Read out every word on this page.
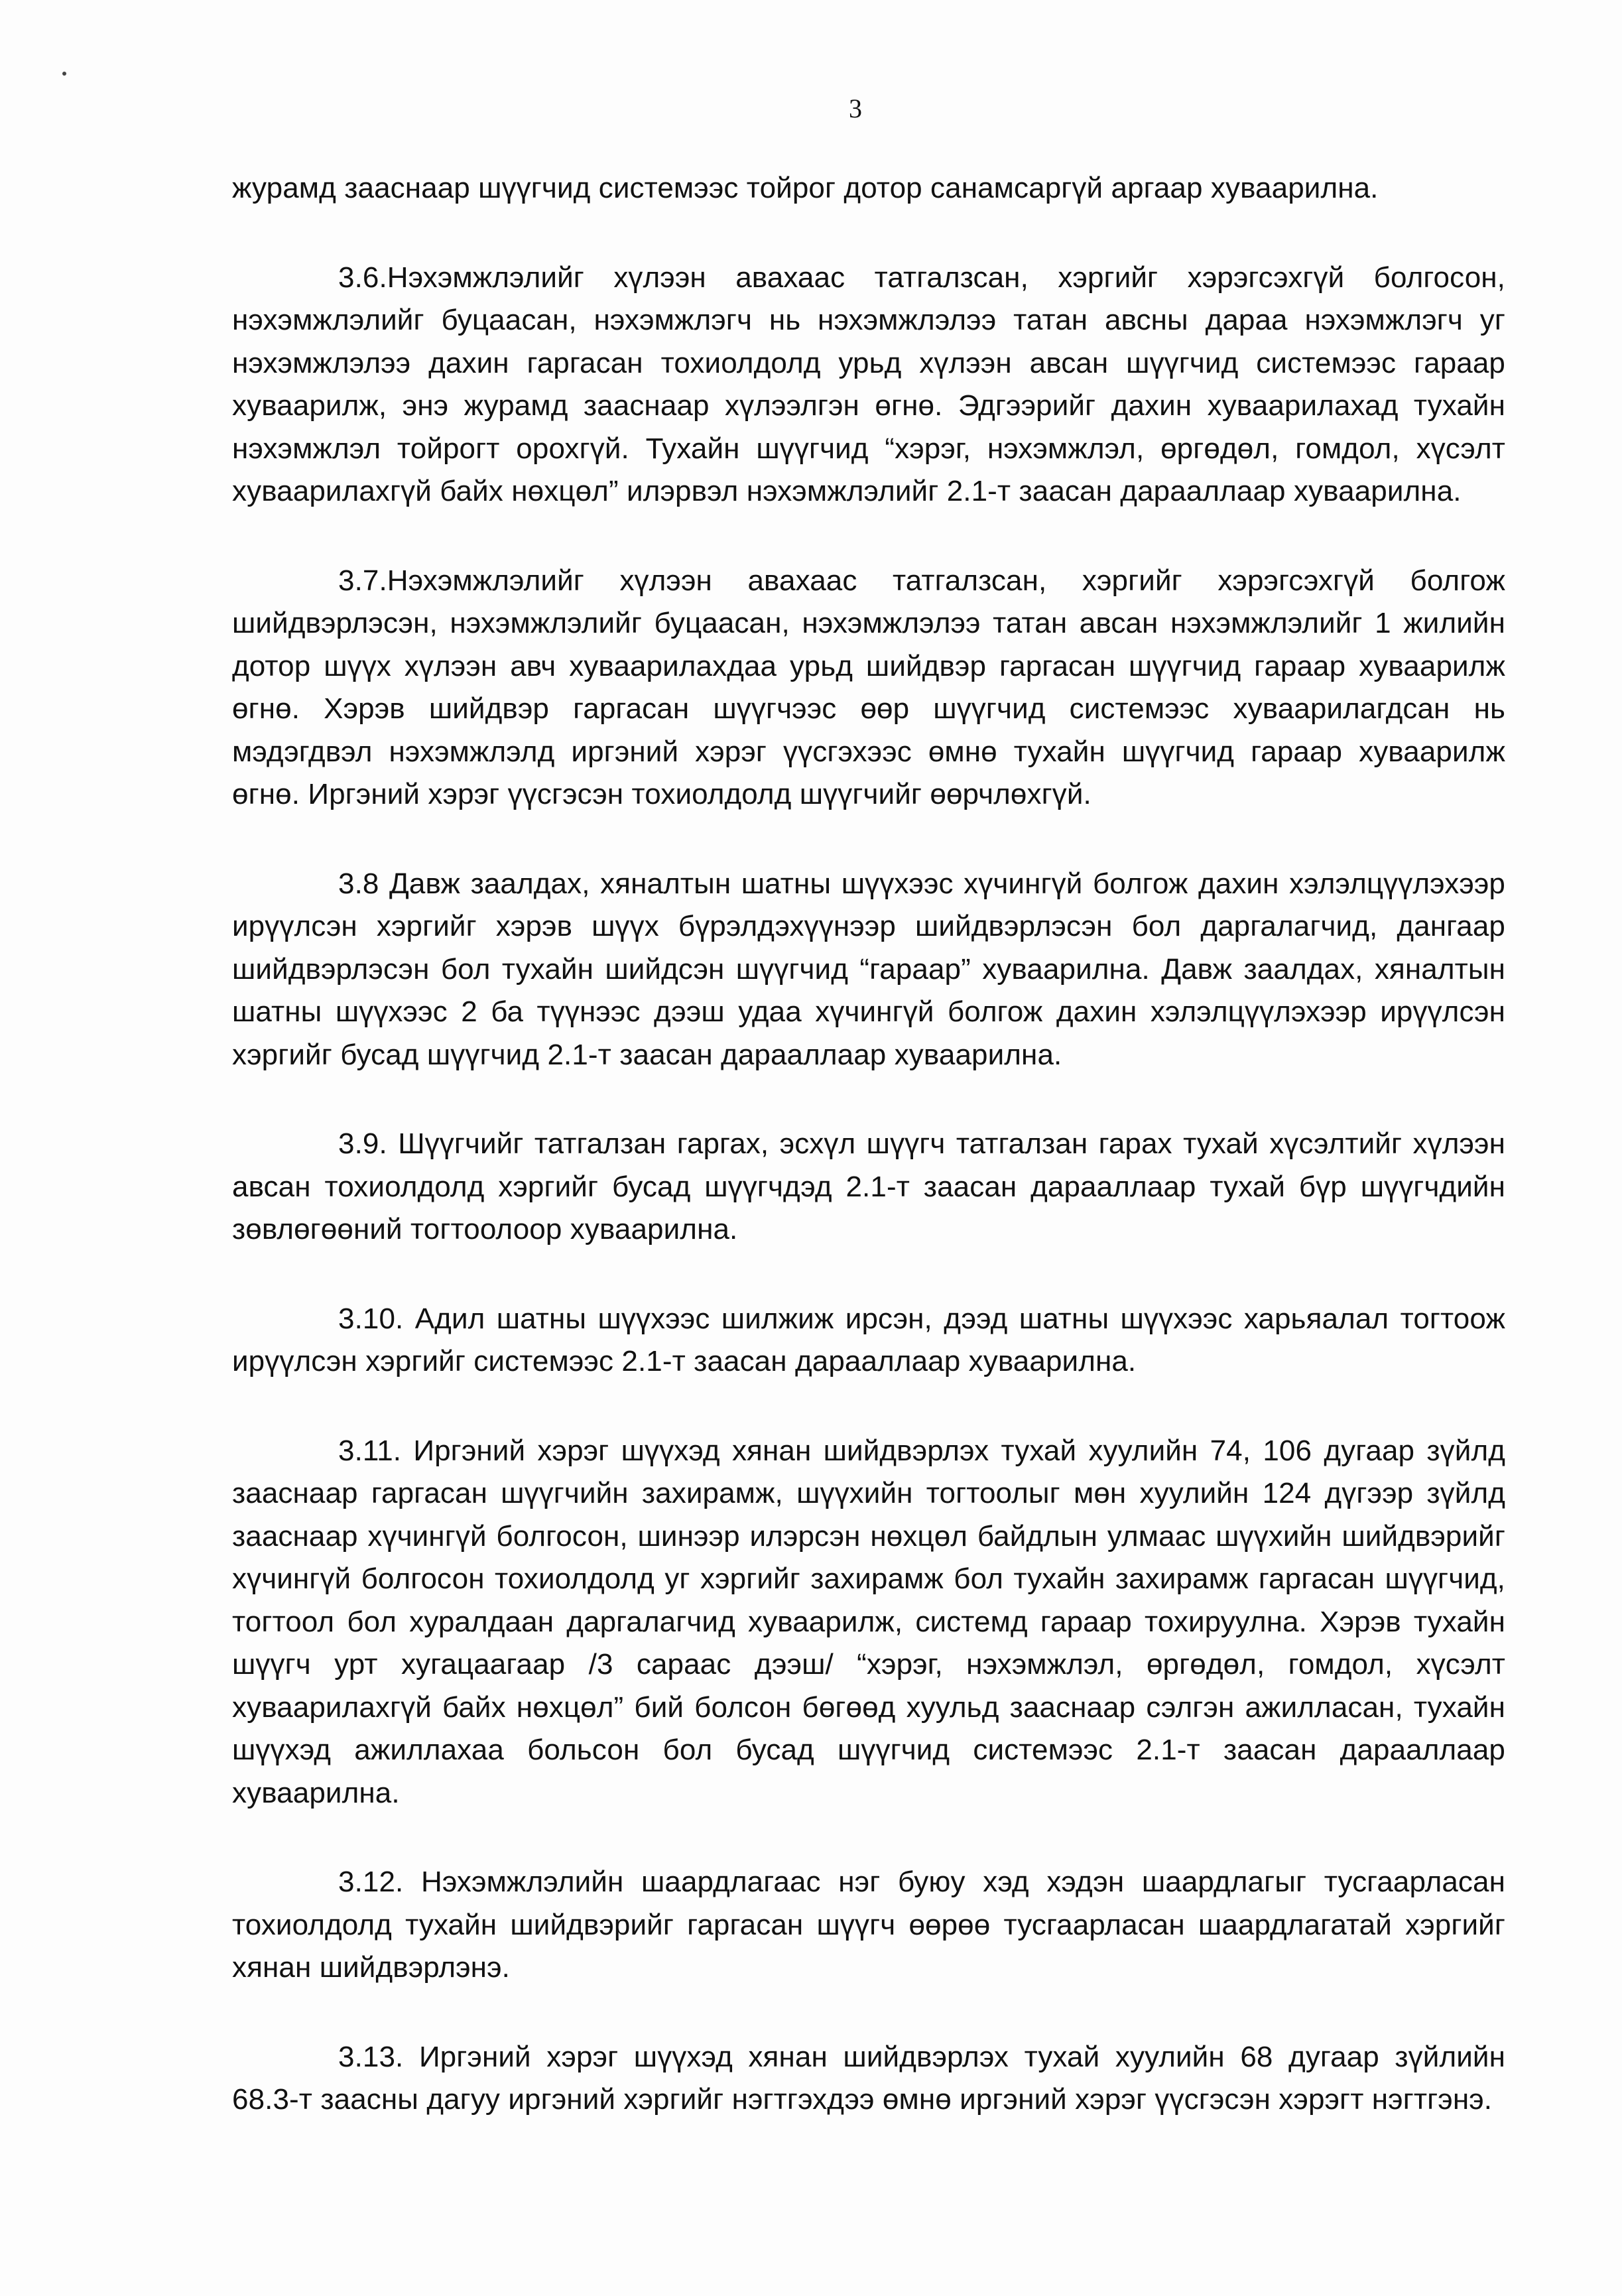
3

журамд зааснаар шүүгчид системээс тойрог дотор санамсаргүй аргаар хуваарилна.

3.6.Нэхэмжлэлийг хүлээн авахаас татгалзсан, хэргийг хэрэгсэхгүй болгосон, нэхэмжлэлийг буцаасан, нэхэмжлэгч нь нэхэмжлэлээ татан авсны дараа нэхэмжлэгч уг нэхэмжлэлээ дахин гаргасан тохиолдолд урьд хүлээн авсан шүүгчид системээс гараар хуваарилж, энэ журамд зааснаар хүлээлгэн өгнө. Эдгээрийг дахин хуваарилахад тухайн нэхэмжлэл тойрогт орохгүй. Тухайн шүүгчид “хэрэг, нэхэмжлэл, өргөдөл, гомдол, хүсэлт хуваарилахгүй байх нөхцөл” илэрвэл нэхэмжлэлийг 2.1-т заасан дарааллаар хуваарилна.

3.7.Нэхэмжлэлийг хүлээн авахаас татгалзсан, хэргийг хэрэгсэхгүй болгож шийдвэрлэсэн, нэхэмжлэлийг буцаасан, нэхэмжлэлээ татан авсан нэхэмжлэлийг 1 жилийн дотор шүүх хүлээн авч хуваарилахдаа урьд шийдвэр гаргасан шүүгчид гараар хуваарилж өгнө. Хэрэв шийдвэр гаргасан шүүгчээс өөр шүүгчид системээс хуваарилагдсан нь мэдэгдвэл нэхэмжлэлд иргэний хэрэг үүсгэхээс өмнө тухайн шүүгчид гараар хуваарилж өгнө. Иргэний хэрэг үүсгэсэн тохиолдолд шүүгчийг өөрчлөхгүй.

3.8 Давж заалдах, хяналтын шатны шүүхээс хүчингүй болгож дахин хэлэлцүүлэхээр ирүүлсэн хэргийг хэрэв шүүх бүрэлдэхүүнээр шийдвэрлэсэн бол даргалагчид, дангаар шийдвэрлэсэн бол тухайн шийдсэн шүүгчид “гараар” хуваарилна. Давж заалдах, хяналтын шатны шүүхээс 2 ба түүнээс дээш удаа хүчингүй болгож дахин хэлэлцүүлэхээр ирүүлсэн хэргийг бусад шүүгчид 2.1-т заасан дарааллаар хуваарилна.

3.9. Шүүгчийг татгалзан гаргах, эсхүл шүүгч татгалзан гарах тухай хүсэлтийг хүлээн авсан тохиолдолд хэргийг бусад шүүгчдэд 2.1-т заасан дарааллаар тухай бүр шүүгчдийн зөвлөгөөний тогтоолоор хуваарилна.

3.10. Адил шатны шүүхээс шилжиж ирсэн, дээд шатны шүүхээс харьяалал тогтоож ирүүлсэн хэргийг системээс 2.1-т заасан дарааллаар хуваарилна.

3.11. Иргэний хэрэг шүүхэд хянан шийдвэрлэх тухай хуулийн 74, 106 дугаар зүйлд зааснаар гаргасан шүүгчийн захирамж, шүүхийн тогтоолыг мөн хуулийн 124 дүгээр зүйлд зааснаар хүчингүй болгосон, шинээр илэрсэн нөхцөл байдлын улмаас шүүхийн шийдвэрийг хүчингүй болгосон тохиолдолд уг хэргийг захирамж бол тухайн захирамж гаргасан шүүгчид, тогтоол бол хуралдаан даргалагчид хуваарилж, системд гараар тохируулна. Хэрэв тухайн шүүгч урт хугацаагаар /3 сараас дээш/ “хэрэг, нэхэмжлэл, өргөдөл, гомдол, хүсэлт хуваарилахгүй байх нөхцөл” бий болсон бөгөөд хуульд зааснаар сэлгэн ажилласан, тухайн шүүхэд ажиллахаа больсон бол бусад шүүгчид системээс 2.1-т заасан дарааллаар хуваарилна.

3.12. Нэхэмжлэлийн шаардлагаас нэг буюу хэд хэдэн шаардлагыг тусгаарласан тохиолдолд тухайн шийдвэрийг гаргасан шүүгч өөрөө тусгаарласан шаардлагатай хэргийг хянан шийдвэрлэнэ.

3.13. Иргэний хэрэг шүүхэд хянан шийдвэрлэх тухай хуулийн 68 дугаар зүйлийн 68.3-т заасны дагуу иргэний хэргийг нэгтгэхдээ өмнө иргэний хэрэг үүсгэсэн хэрэгт нэгтгэнэ.
